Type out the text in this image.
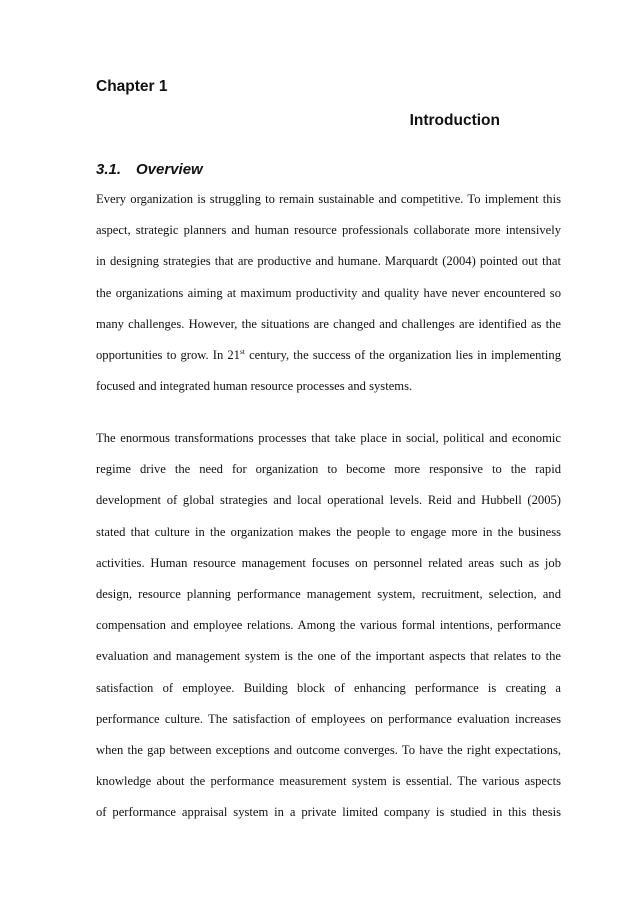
Chapter 1
Introduction
3.1. Overview
Every organization is struggling to remain sustainable and competitive. To implement this
aspect, strategic planners and human resource professionals collaborate more intensively
in designing strategies that are productive and humane. Marquardt (2004) pointed out that
the organizations aiming at maximum productivity and quality have never encountered so
many challenges. However, the situations are changed and challenges are identified as the
opportunities to grow. In 21st century, the success of the organization lies in implementing
focused and integrated human resource processes and systems.
The enormous transformations processes that take place in social, political and economic
regime drive the need for organization to become more responsive to the rapid
development of global strategies and local operational levels. Reid and Hubbell (2005)
stated that culture in the organization makes the people to engage more in the business
activities. Human resource management focuses on personnel related areas such as job
design, resource planning performance management system, recruitment, selection, and
compensation and employee relations. Among the various formal intentions, performance
evaluation and management system is the one of the important aspects that relates to the
satisfaction of employee. Building block of enhancing performance is creating a
performance culture. The satisfaction of employees on performance evaluation increases
when the gap between exceptions and outcome converges. To have the right expectations,
knowledge about the performance measurement system is essential. The various aspects
of performance appraisal system in a private limited company is studied in this thesis
